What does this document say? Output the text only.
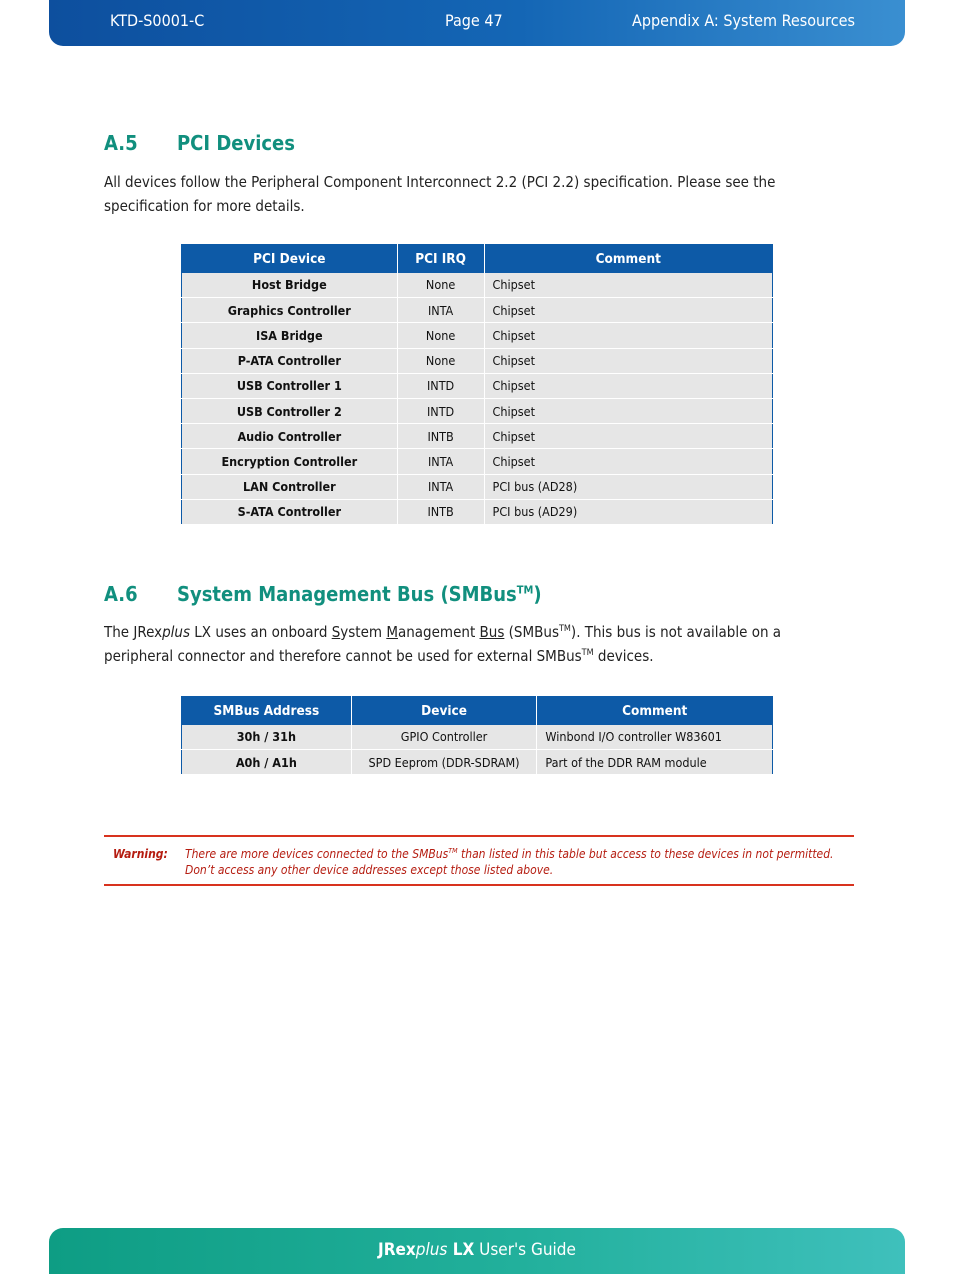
KTD-S0001-C	Page 47	Appendix A: System Resources
A.5 PCI Devices

All devices follow the Peripheral Component Interconnect 2.2 (PCI 2.2) specification. Please see the specification for more details.

PCI Device	PCI IRQ	Comment
Host Bridge	None	Chipset
Graphics Controller	INTA	Chipset
ISA Bridge	None	Chipset
P-ATA Controller	None	Chipset
USB Controller 1	INTD	Chipset
USB Controller 2	INTD	Chipset
Audio Controller	INTB	Chipset
Encryption Controller	INTA	Chipset
LAN Controller	INTA	PCI bus (AD28)
S-ATA Controller	INTB	PCI bus (AD29)
A.6 System Management Bus (SMBus™)

The JRexplus LX uses an onboard System Management Bus (SMBus™). This bus is not available on a peripheral connector and therefore cannot be used for external SMBus™ devices.

SMBus Address	Device	Comment
30h / 31h	GPIO Controller	Winbond I/O controller W83601
A0h / A1h	SPD Eeprom (DDR-SDRAM)	Part of the DDR RAM module
Warning: There are more devices connected to the SMBus™ than listed in this table but access to these devices in not permitted. Don’t access any other device addresses except those listed above.
JRexplus LX User's Guide
